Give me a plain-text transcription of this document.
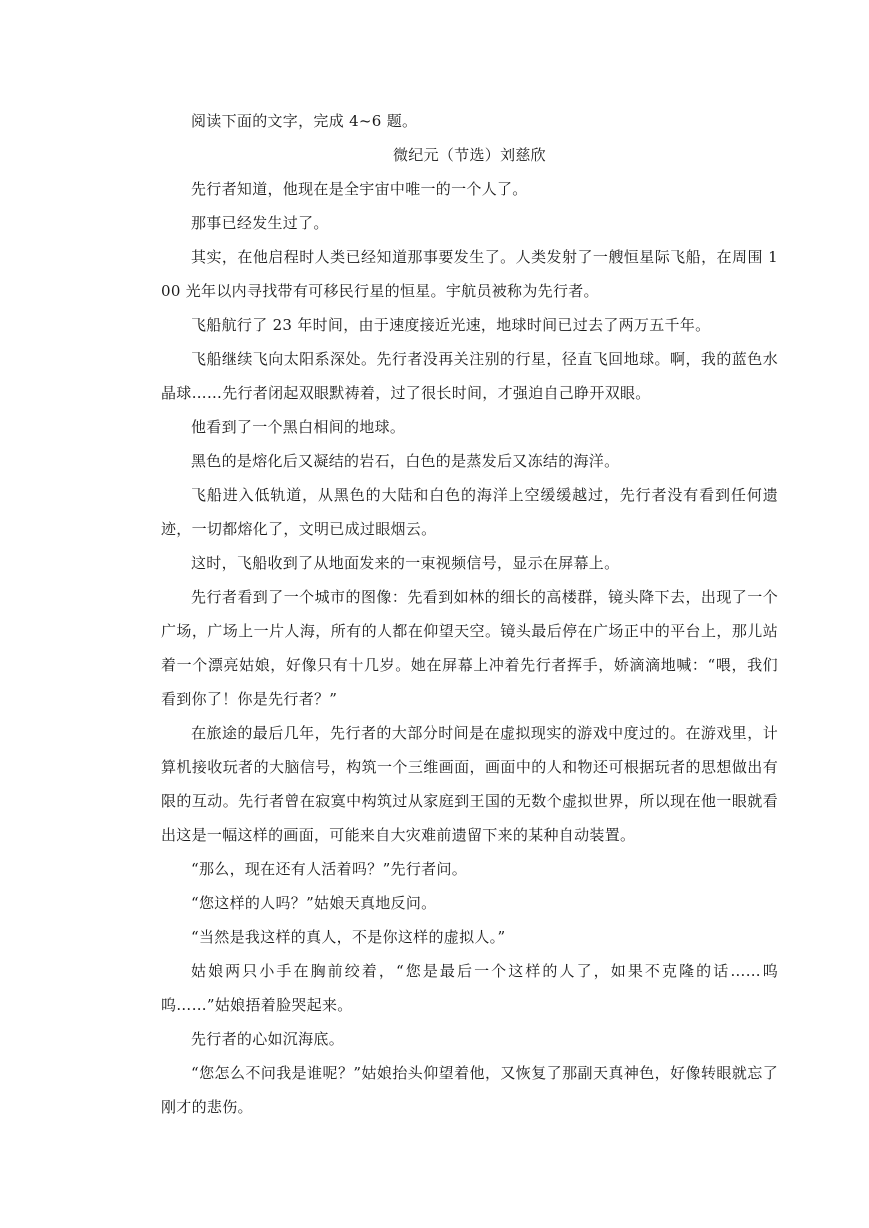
阅读下面的文字，完成 4~6 题。

微纪元（节选）刘慈欣

先行者知道，他现在是全宇宙中唯一的一个人了。

那事已经发生过了。

其实，在他启程时人类已经知道那事要发生了。人类发射了一艘恒星际飞船，在周围 100 光年以内寻找带有可移民行星的恒星。宇航员被称为先行者。

飞船航行了 23 年时间，由于速度接近光速，地球时间已过去了两万五千年。

飞船继续飞向太阳系深处。先行者没再关注别的行星，径直飞回地球。啊，我的蓝色水晶球……先行者闭起双眼默祷着，过了很长时间，才强迫自己睁开双眼。

他看到了一个黑白相间的地球。

黑色的是熔化后又凝结的岩石，白色的是蒸发后又冻结的海洋。

飞船进入低轨道，从黑色的大陆和白色的海洋上空缓缓越过，先行者没有看到任何遗迹，一切都熔化了，文明已成过眼烟云。

这时，飞船收到了从地面发来的一束视频信号，显示在屏幕上。

先行者看到了一个城市的图像：先看到如林的细长的高楼群，镜头降下去，出现了一个广场，广场上一片人海，所有的人都在仰望天空。镜头最后停在广场正中的平台上，那儿站着一个漂亮姑娘，好像只有十几岁。她在屏幕上冲着先行者挥手，娇滴滴地喊：“喂，我们看到你了！你是先行者？”

在旅途的最后几年，先行者的大部分时间是在虚拟现实的游戏中度过的。在游戏里，计算机接收玩者的大脑信号，构筑一个三维画面，画面中的人和物还可根据玩者的思想做出有限的互动。先行者曾在寂寞中构筑过从家庭到王国的无数个虚拟世界，所以现在他一眼就看出这是一幅这样的画面，可能来自大灾难前遗留下来的某种自动装置。

“那么，现在还有人活着吗？”先行者问。

“您这样的人吗？”姑娘天真地反问。

“当然是我这样的真人，不是你这样的虚拟人。”

姑娘两只小手在胸前绞着，“您是最后一个这样的人了，如果不克隆的话……呜呜……”姑娘捂着脸哭起来。

先行者的心如沉海底。

“您怎么不问我是谁呢？”姑娘抬头仰望着他，又恢复了那副天真神色，好像转眼就忘了刚才的悲伤。
